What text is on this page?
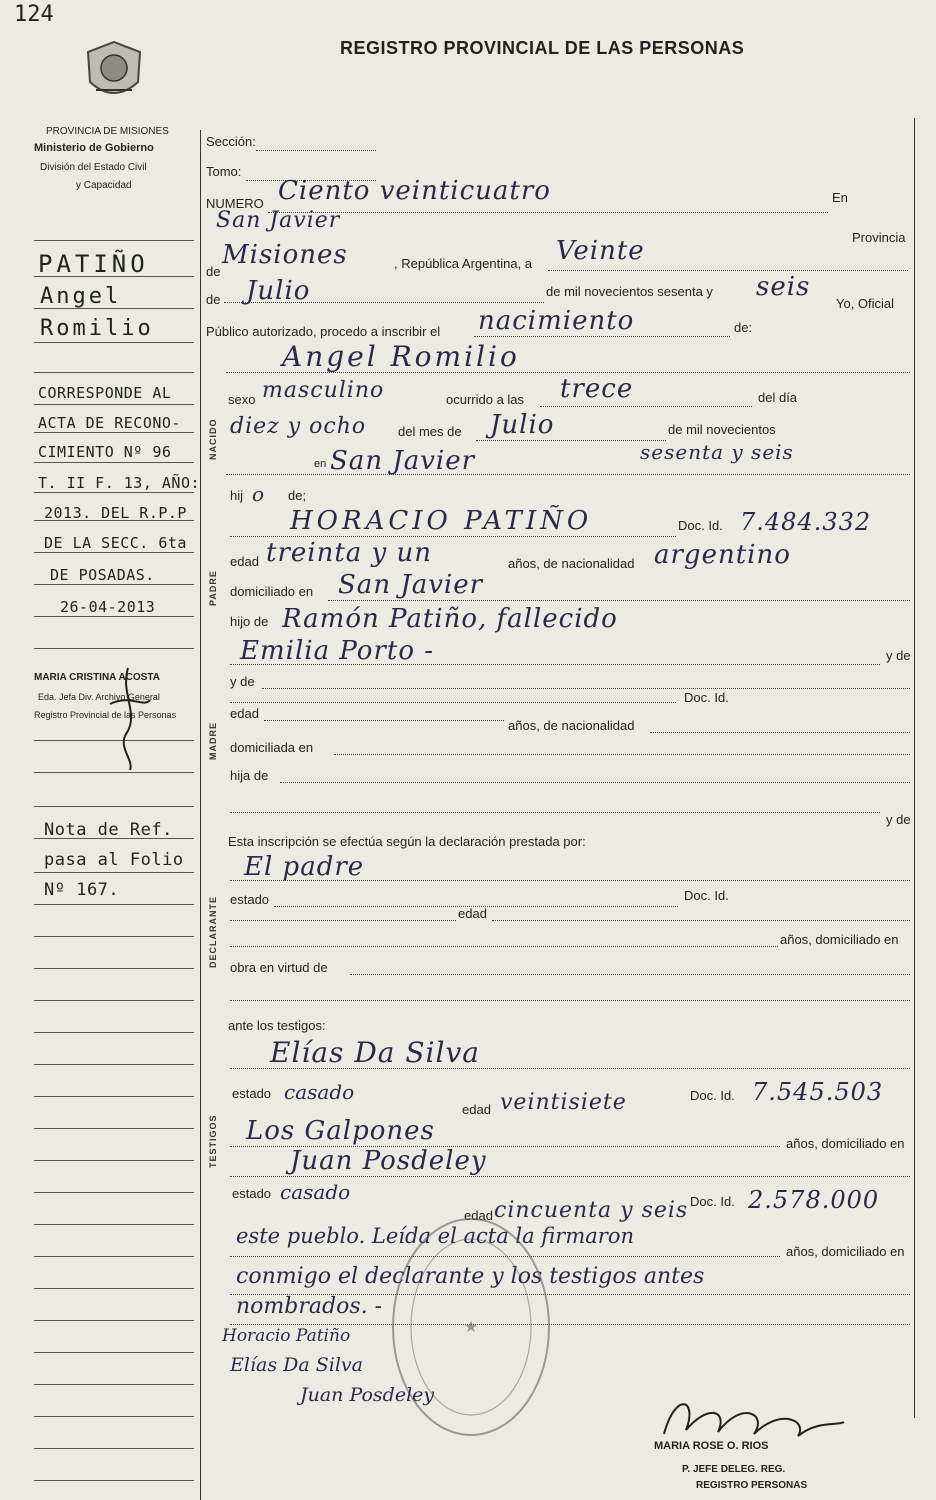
124
REGISTRO PROVINCIAL DE LAS PERSONAS
PROVINCIA DE MISIONES
Ministerio de Gobierno
División del Estado Civil
y Capacidad
PATIÑO
Angel
Romilio
CORRESPONDE AL
ACTA DE RECONO-
CIMIENTO Nº 96
T. II F. 13, AÑO:
2013. DEL R.P.P
DE LA SECC. 6ta
DE POSADAS.
26-04-2013
MARIA CRISTINA ACOSTA
Eda. Jefa Div. Archivo General
Registro Provincial de las Personas
Nota de Ref.
pasa al Folio
Nº 167.
Sección:
Tomo:
NUMERO Ciento veinticuatro	En
San Javier
Provincia
de
Misiones	, República Argentina, a Veinte
de Julio	de mil novecientos sesenta y seis
Yo, Oficial
Público autorizado, procedo a inscribir el nacimiento	de:
Angel Romilio
NACIDO
sexo masculino	ocurrido a las trece	del día
diez y ocho del mes de Julio	de mil novecientos
sesenta y seis
en San Javier
hij o de;
PADRE
HORACIO PATIÑO	Doc. Id. 7.484.332
edad treinta y un	años, de nacionalidad argentino
domiciliado en San Javier
hijo de Ramón Patiño, fallecido
Emilia Porto -	y de
MADRE
y de
Doc. Id.
edad
años, de nacionalidad
domiciliada en
hija de
y de
DECLARANTE
Esta inscripción se efectúa según la declaración prestada por:
El padre
estado	Doc. Id.
edad
años, domiciliado en
obra en virtud de
TESTIGOS
ante los testigos:
Elías Da Silva
estado casado	Doc. Id. 7.545.503
edad veintisiete
Los Galpones	años, domiciliado en
Juan Posdeley
estado casado	Doc. Id. 2.578.000
edad cincuenta y seis
este pueblo. Leída el acta la firmaron
años, domiciliado en
conmigo el declarante y los testigos antes
nombrados. -
★
Horacio Patiño
Elías Da Silva
Juan Posdeley
MARIA ROSE O. RIOS
P. JEFE DELEG. REG.
REGISTRO PERSONAS
